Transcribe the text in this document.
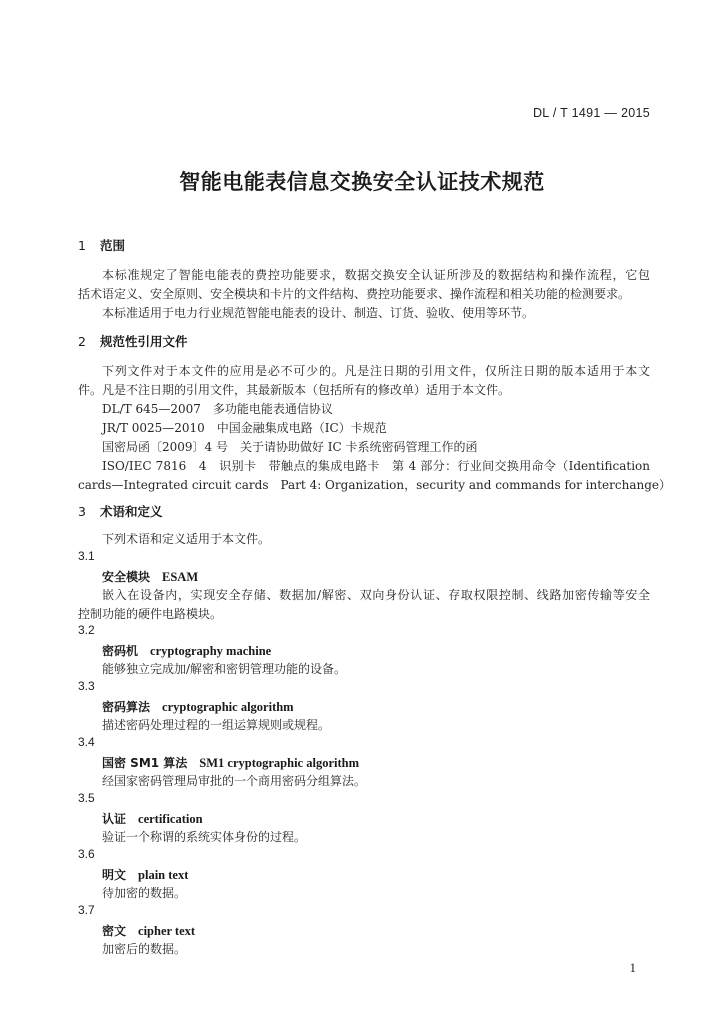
DL / T 1491 — 2015
智能电能表信息交换安全认证技术规范
1 范围
本标准规定了智能电能表的费控功能要求，数据交换安全认证所涉及的数据结构和操作流程，它包
括术语定义、安全原则、安全模块和卡片的文件结构、费控功能要求、操作流程和相关功能的检测要求。
本标准适用于电力行业规范智能电能表的设计、制造、订货、验收、使用等环节。
2 规范性引用文件
下列文件对于本文件的应用是必不可少的。凡是注日期的引用文件，仅所注日期的版本适用于本文
件。凡是不注日期的引用文件，其最新版本（包括所有的修改单）适用于本文件。
DL/T 645—2007　多功能电能表通信协议
JR/T 0025—2010　中国金融集成电路（IC）卡规范
国密局函〔2009〕4 号　关于请协助做好 IC 卡系统密码管理工作的函
ISO/IEC 7816　4　识别卡　带触点的集成电路卡　第 4 部分：行业间交换用命令（Identification
cards—Integrated circuit cards　Part 4: Organization，security and commands for interchange）
3 术语和定义
下列术语和定义适用于本文件。
3.1
安全模块 ESAM
嵌入在设备内，实现安全存储、数据加/解密、双向身份认证、存取权限控制、线路加密传输等安全
控制功能的硬件电路模块。
3.2
密码机 cryptography machine
能够独立完成加/解密和密钥管理功能的设备。
3.3
密码算法 cryptographic algorithm
描述密码处理过程的一组运算规则或规程。
3.4
国密 SM1 算法 SM1 cryptographic algorithm
经国家密码管理局审批的一个商用密码分组算法。
3.5
认证 certification
验证一个称谓的系统实体身份的过程。
3.6
明文 plain text
待加密的数据。
3.7
密文 cipher text
加密后的数据。
1
